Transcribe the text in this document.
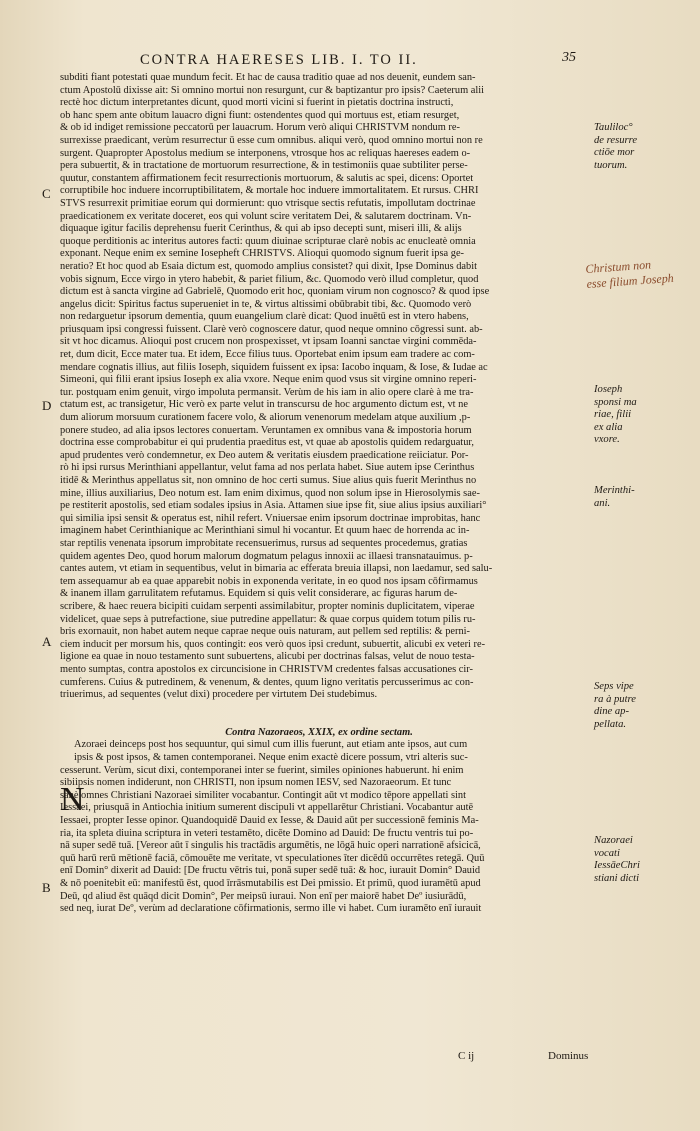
CONTRA HAERESES LIB. I. TO II.	35
subditi fiant potestati quae mundum fecit. Et hac de causa traditio quae ad nos deuenit, eundem san-
ctum Apostolū dixisse ait: Si omnino mortui non resurgunt, cur & baptizantur pro ipsis? Caeterum alii
rectè hoc dictum interpretantes dicunt, quod morti vicini si fuerint in pietatis doctrina instructi,
ob hanc spem ante obitum lauacro digni fiunt: ostendentes quod qui mortuus est, etiam resurget,
& ob id indiget remissione peccatorū per lauacrum. Horum verò aliqui CHRISTVM nondum re-
surrexisse praedicant, verùm resurrectur ū esse cum omnibus. aliqui verò, quod omnino mortui non re
surgent. Quapropter Apostolus medium se interponens, vtrosque hos ac reliquas haereses eadem o-
pera subuertit, & in tractatione de mortuorum resurrectione, & in testimoniis quae subtiliter perse-
quutur, constantem affirmationem fecit resurrectionis mortuorum, & salutis ac spei, dicens: Oportet
corruptibile hoc induere incorruptibilitatem, & mortale hoc induere immortalitatem. Et rursus. CHRI
STVS resurrexit primitiae eorum qui dormierunt: quo vtrisque sectis refutatis, impollutam doctrinae
praedicationem ex veritate doceret, eos qui volunt scire veritatem Dei, & salutarem doctrinam. Vn-
diquaque igitur facilis deprehensu fuerit Cerinthus, & qui ab ipso decepti sunt, miseri illi, & alijs
quoque perditionis ac interitus autores facti: quum diuinae scripturae clarè nobis ac enucleatè omnia
exponant. Neque enim ex semine Iosepheft CHRISTVS. Alioqui quomodo signum fuerit ipsa ge-
neratio? Et hoc quod ab Esaia dictum est, quomodo amplius consistet? qui dixit, Ipse Dominus dabit
vobis signum, Ecce virgo in ytero habebit, & pariet filium, &c. Quomodo verò illud completur, quod
dictum est à sancta virgine ad Gabrielē, Quomodo erit hoc, quoniam virum non cognosco? & quod ipse
angelus dicit: Spiritus factus superueniet in te, & virtus altissimi obūbrabit tibi, &c. Quomodo verò
non redarguetur ipsorum dementia, quum euangelium clarè dicat: Quod inuētū est in vtero habens,
priusquam ipsi congressi fuissent. Clarè verò cognoscere datur, quod neque omnino cōgressi sunt. ab-
sit vt hoc dicamus. Alioqui post crucem non prospexisset, vt ipsam Ioanni sanctae virgini commēda-
ret, dum dicit, Ecce mater tua. Et idem, Ecce filius tuus. Oportebat enim ipsum eam tradere ac com-
mendare cognatis illius, aut filiis Ioseph, siquidem fuissent ex ipsa: Iacobo inquam, & Iose, & Iudae ac
Simeoni, qui filii erant ipsius Ioseph ex alia vxore. Neque enim quod vsus sit virgine omnino reperi-
tur. postquam enim genuit, virgo impoluta permansit. Verùm de his iam in alio opere clarè à me tra-
ctatum est, ac transigetur, Hic verò ex parte velut in transcursu de hoc argumento dictum est, vt ne
dum aliorum morsuum curationem facere volo, & aliorum venenorum medelam atque auxilium ,p-
ponere studeo, ad alia ipsos lectores conuertam. Veruntamen ex omnibus vana & impostoria horum
doctrina esse comprobabitur ei qui prudentia praeditus est, vt quae ab apostolis quidem redarguatur,
apud prudentes verò condemnetur, ex Deo autem & veritatis eiusdem praedicatione reiiciatur. Por-
rò hi ipsi rursus Merinthiani appellantur, velut fama ad nos perlata habet. Siue autem ipse Cerinthus
itidē & Merinthus appellatus sit, non omnino de hoc certi sumus. Siue alius quis fuerit Merinthus no
mine, illius auxiliarius, Deo notum est. Iam enim diximus, quod non solum ipse in Hierosolymis sae-
pe restiterit apostolis, sed etiam sodales ipsius in Asia. Attamen siue ipse fit, siue alius ipsius auxiliari°
qui similia ipsi sensit & operatus est, nihil refert. Vniuersae enim ipsorum doctrinae improbitas, hanc
imaginem habet Cerinthianique ac Merinthiani simul hi vocantur. Et quum haec de horrenda ac in-
star reptilis venenata ipsorum improbitate recensuerimus, rursus ad sequentes procedemus, gratias
quidem agentes Deo, quod horum malorum dogmatum pelagus innoxii ac illaesi transnatauimus. p-
cantes autem, vt etiam in sequentibus, velut in bimaria ac efferata breuia illapsi, non laedamur, sed salu-
tem assequamur ab ea quae apparebit nobis in exponenda veritate, in eo quod nos ipsam cōfirmamus
& inanem illam garrulitatem refutamus. Equidem si quis velit considerare, ac figuras harum de-
scribere, & haec reuera bicipiti cuidam serpenti assimilabitur, propter nominis duplicitatem, viperae
videlicet, quae seps à putrefactione, siue putredine appellatur: & quae corpus quidem totum pilis ru-
bris exornauit, non habet autem neque caprae neque ouis naturam, aut pellem sed reptilis: & perni-
ciem inducit per morsum his, quos contingit: eos verò quos ipsi credunt, subuertit, alicubi ex veteri re-
ligione ea quae in nouo testamento sunt subuertens, alicubi per doctrinas falsas, velut de nouo testa-
mento sumptas, contra apostolos ex circuncisione in CHRISTVM credentes falsas accusationes cir-
cumferens. Cuius & putredinem, & venenum, & dentes, quum ligno veritatis percusserimus ac con-
triuerimus, ad sequentes (velut dixi) procedere per virtutem Dei studebimus.
Contra Nazoraeos, XXIX, ex ordine sectam.
Azoraei deinceps post hos sequuntur, qui simul cum illis fuerunt, aut etiam ante ipsos, aut cum
ipsis & post ipsos, & tamen contemporanei. Neque enim exactè dicere possum, vtri alteris suc-
cesserunt. Verùm, sicut dixi, contemporanei inter se fuerint, similes opiniones habuerunt. hi enim
sibiipsis nomen indiderunt, non CHRISTI, non ipsum nomen IESV, sed Nazoraeorum. Et tunc
sanè omnes Christiani Nazoraei similiter vocabantur. Contingit aūt vt modico tēpore appellati sint
Iessaei, priusquā in Antiochia initium sumerent discipuli vt appellarētur Christiani. Vocabantur autē
Iessaei, propter Iesse opinor. Quandoquidē Dauid ex Iesse, & Dauid aūt per successionē feminis Ma-
ria, ita spleta diuina scriptura in veteri testamēto, dicēte Domino ad Dauid: De fructu ventris tui po-
nā super sedē tuā. [Vereor aūt ī singulis his tractādis argumētis, ne lōgā huic operi narrationē afsicicā,
quū harū rerū mētionē faciā, cōmouēte me veritate, vt speculationes īter dicēdū occurrētes retegā. Quū
enī Domin° dixerit ad Dauid: [De fructu vētris tui, ponā super sedē tuā: & hoc, iurauit Domin° Dauid
& nō poenitebit eū: manifestū ēst, quod īrrāsmutabilis est Dei pmissio. Et primū, quod iuramētū apud
Deū, qd aliud ēst quāqd dicit Domin°, Per meipsū iuraui. Non enī per maiorē habet Deº iusiurādū,
sed neq, iurat Deº, verùm ad declaratione cōfirmationis, sermo ille vi habet. Cum iuramēto enī iurauit
N
Tauliloc°
de resurre
ctiōe mor
tuorum.
Christum non
esse filium Joseph
Ioseph
sponsi ma
riae, filii
ex alia
vxore.
Merinthi-
ani.
Seps vipe
ra à putre
dine ap-
pellata.
Nazoraei
vocati
IessāeChri
stiani dicti
C
D
A
B
C ij	Dominus
